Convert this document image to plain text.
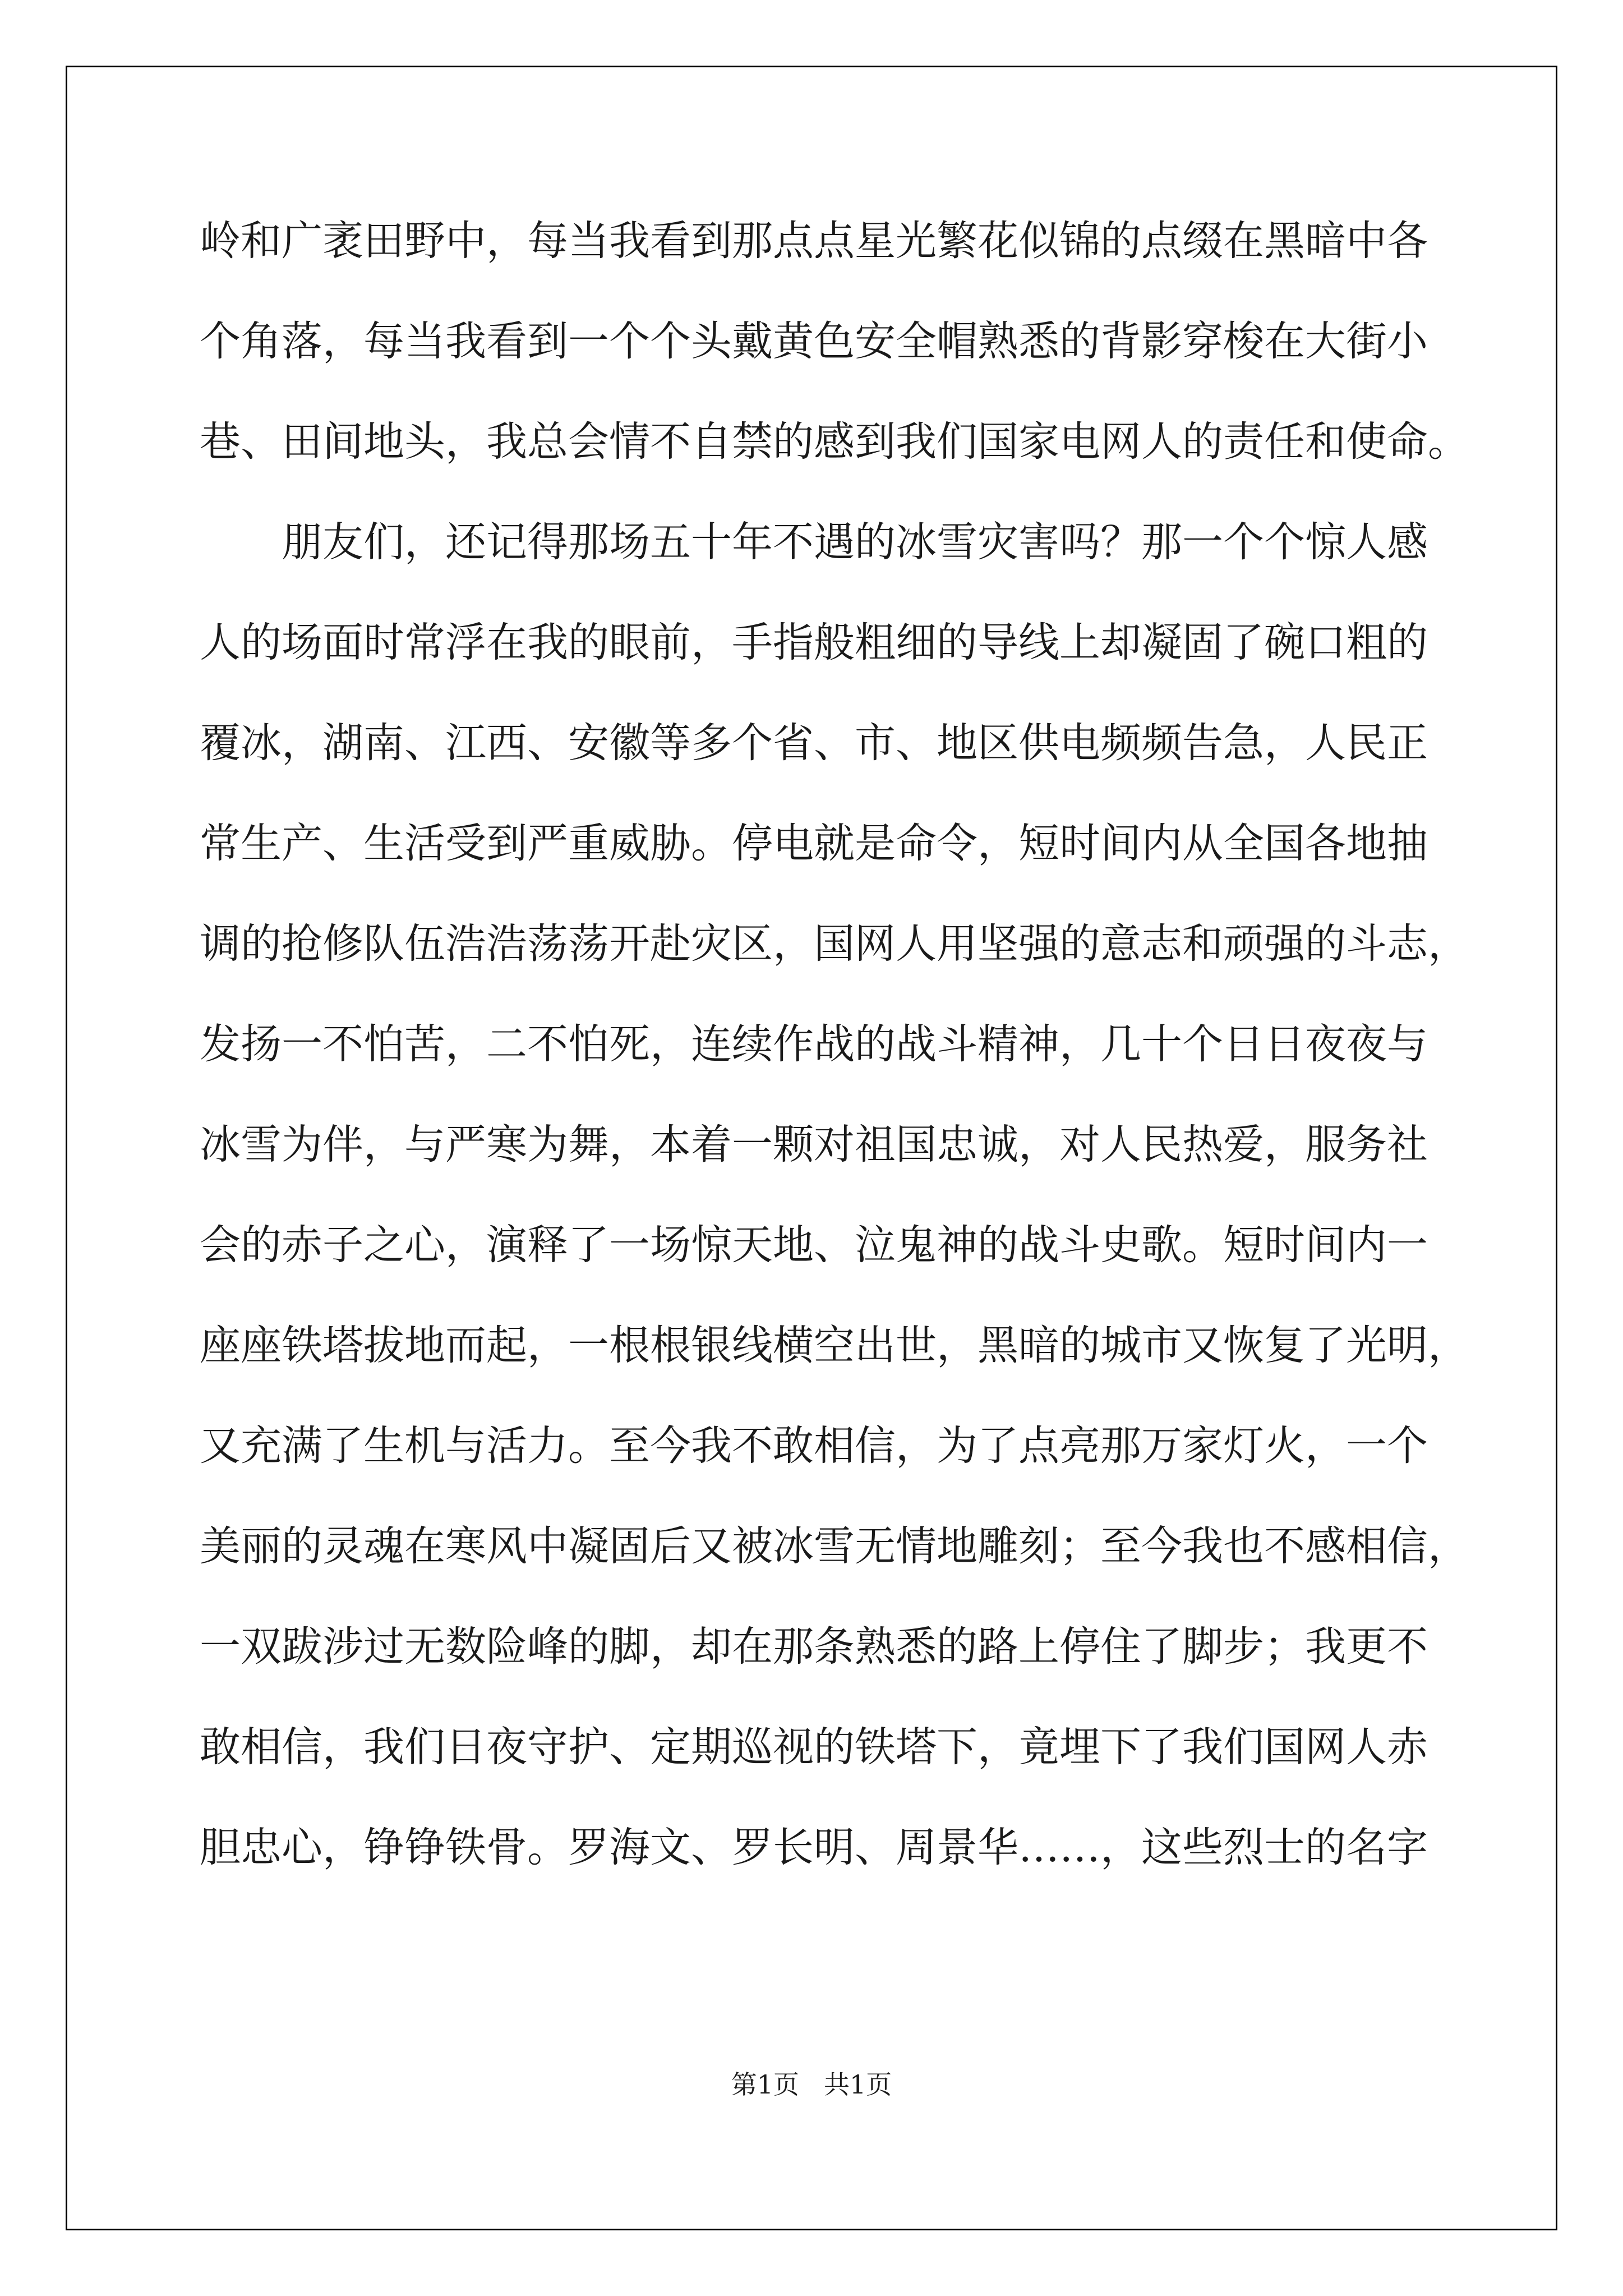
岭和广袤田野中，每当我看到那点点星光繁花似锦的点缀在黑暗中各
个角落，每当我看到一个个头戴黄色安全帽熟悉的背影穿梭在大街小
巷、田间地头，我总会情不自禁的感到我们国家电网人的责任和使命。
朋友们，还记得那场五十年不遇的冰雪灾害吗？那一个个惊人感
人的场面时常浮在我的眼前，手指般粗细的导线上却凝固了碗口粗的
覆冰，湖南、江西、安徽等多个省、市、地区供电频频告急，人民正
常生产、生活受到严重威胁。停电就是命令，短时间内从全国各地抽
调的抢修队伍浩浩荡荡开赴灾区，国网人用坚强的意志和顽强的斗志，
发扬一不怕苦，二不怕死，连续作战的战斗精神，几十个日日夜夜与
冰雪为伴，与严寒为舞，本着一颗对祖国忠诚，对人民热爱，服务社
会的赤子之心，演释了一场惊天地、泣鬼神的战斗史歌。短时间内一
座座铁塔拔地而起，一根根银线横空出世，黑暗的城市又恢复了光明，
又充满了生机与活力。至今我不敢相信，为了点亮那万家灯火，一个
美丽的灵魂在寒风中凝固后又被冰雪无情地雕刻；至今我也不感相信，
一双跋涉过无数险峰的脚，却在那条熟悉的路上停住了脚步；我更不
敢相信，我们日夜守护、定期巡视的铁塔下，竟埋下了我们国网人赤
胆忠心，铮铮铁骨。罗海文、罗长明、周景华……，这些烈士的名字
第1页 共1页
